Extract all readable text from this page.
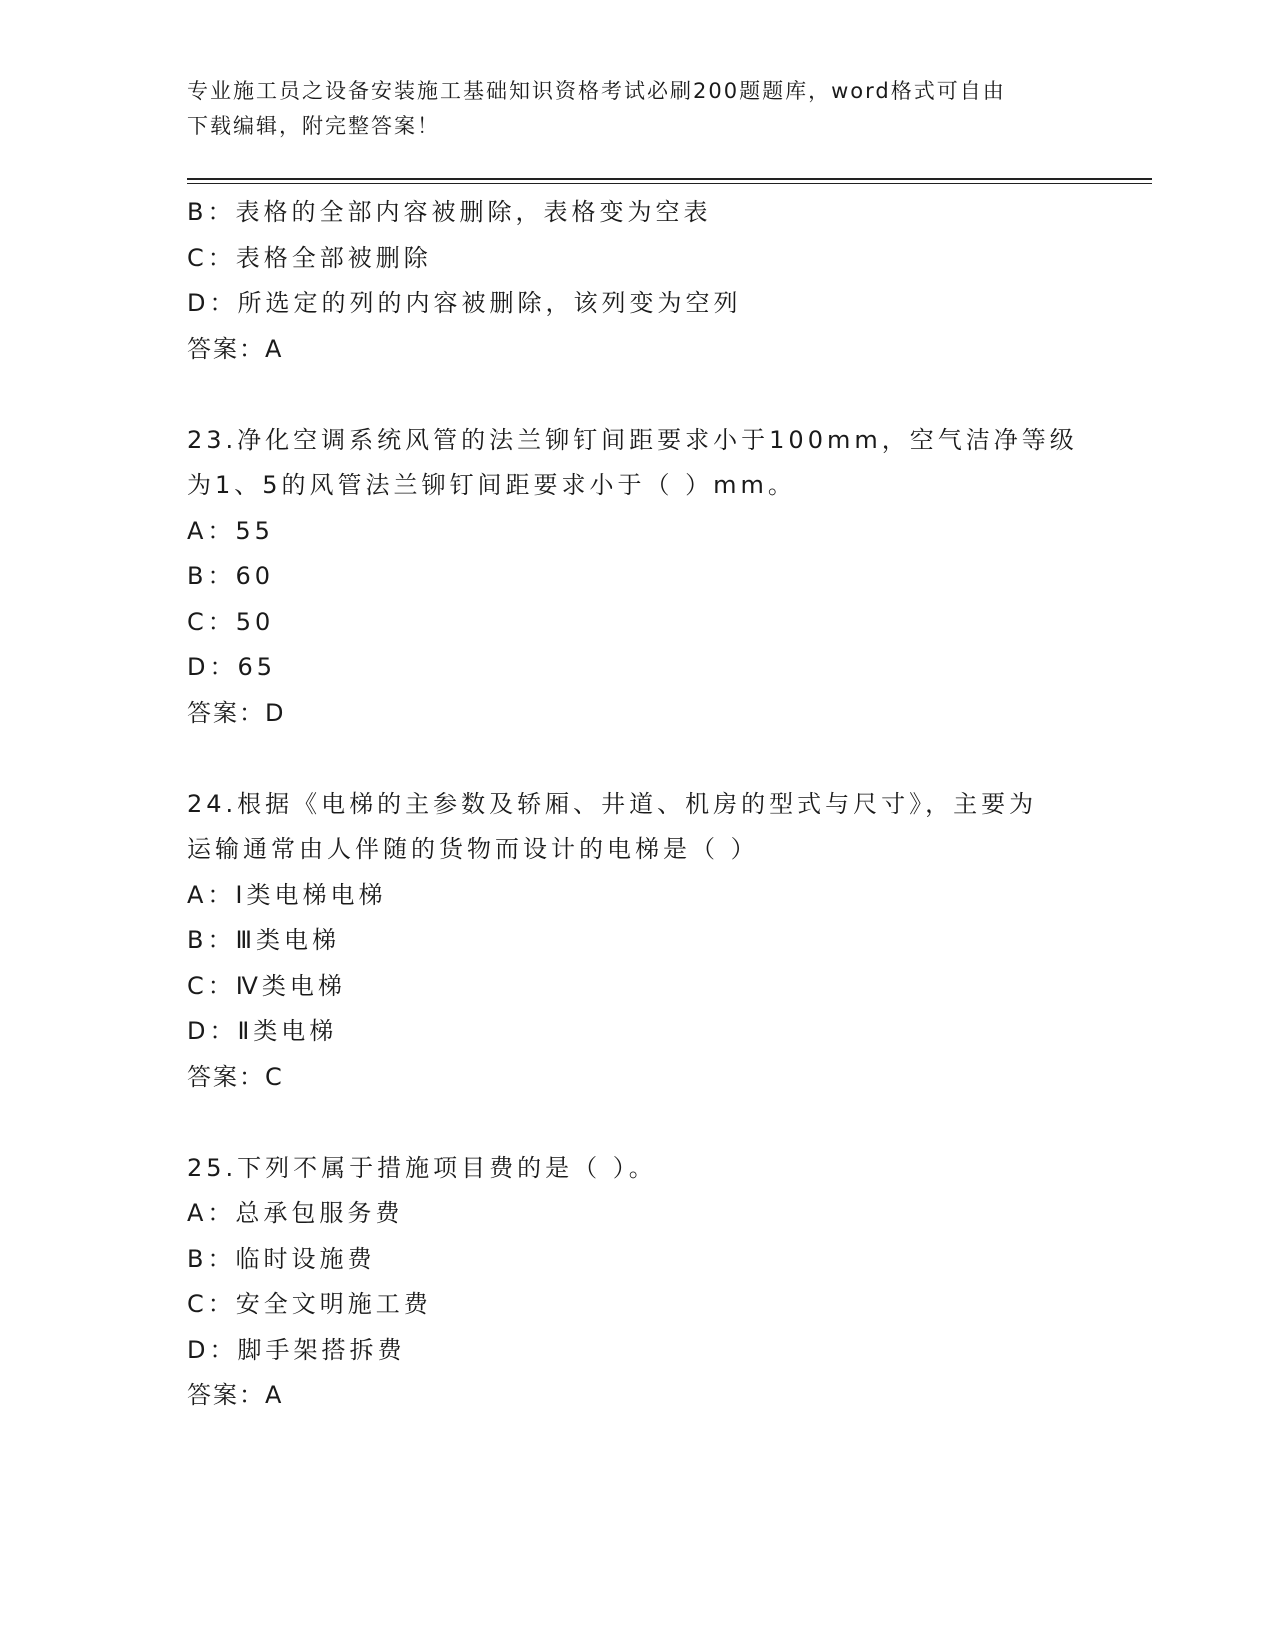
专业施工员之设备安装施工基础知识资格考试必刷200题题库，word格式可自由
下载编辑，附完整答案！
B：表格的全部内容被删除，表格变为空表
C：表格全部被删除
D：所选定的列的内容被删除，该列变为空列
答案：A
23.净化空调系统风管的法兰铆钉间距要求小于100mm，空气洁净等级
为1、5的风管法兰铆钉间距要求小于（ ）mm。
A：55
B：60
C：50
D：65
答案：D
24.根据《电梯的主参数及轿厢、井道、机房的型式与尺寸》，主要为
运输通常由人伴随的货物而设计的电梯是（ ）
A：Ⅰ类电梯电梯
B：Ⅲ类电梯
C：Ⅳ类电梯
D：Ⅱ类电梯
答案：C
25.下列不属于措施项目费的是（ ）。
A：总承包服务费
B：临时设施费
C：安全文明施工费
D：脚手架搭拆费
答案：A
